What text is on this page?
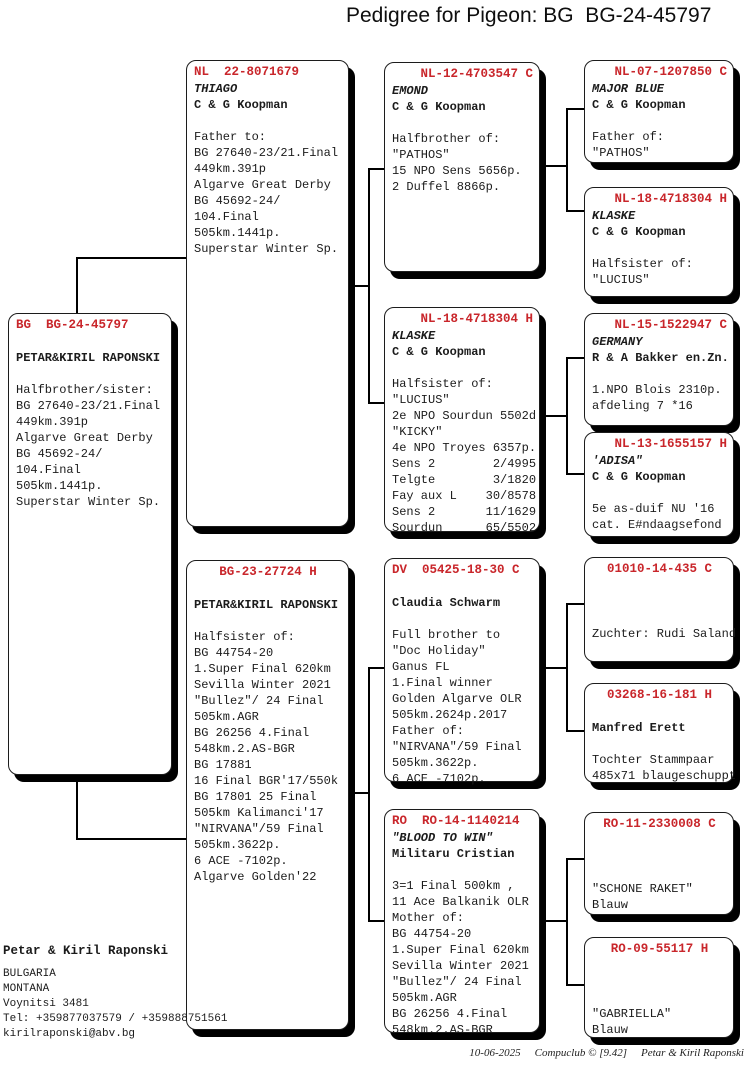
Pedigree for Pigeon: BG  BG-24-45797
BG  BG-24-45797

PETAR&KIRIL RAPONSKI

Halfbrother/sister:
BG 27640-23/21.Final
449km.391p
Algarve Great Derby
BG 45692-24/
104.Final
505km.1441p.
Superstar Winter Sp.
NL  22-8071679
THIAGO
C & G Koopman

Father to:
BG 27640-23/21.Final
449km.391p
Algarve Great Derby
BG 45692-24/
104.Final
505km.1441p.
Superstar Winter Sp.
BG-23-27724 H

PETAR&KIRIL RAPONSKI

Halfsister of:
BG 44754-20
1.Super Final 620km
Sevilla Winter 2021
"Bullez"/ 24 Final
505km.AGR
BG 26256 4.Final
548km.2.AS-BGR
BG 17881
16 Final BGR'17/550k
BG 17801 25 Final
505km Kalimanci'17
"NIRVANA"/59 Final
505km.3622p.
6 ACE -7102p.
Algarve Golden'22
NL-12-4703547 C
EMOND
C & G Koopman

Halfbrother of:
"PATHOS"
15 NPO Sens 5656p.
2 Duffel 8866p.
NL-18-4718304 H
KLASKE
C & G Koopman

Halfsister of:
"LUCIUS"
2e NPO Sourdun 5502d
"KICKY"
4e NPO Troyes 6357p.
Sens 2        2/4995
Telgte        3/1820
Fay aux L    30/8578
Sens 2       11/1629
Sourdun      65/5502
DV  05425-18-30 C

Claudia Schwarm

Full brother to
"Doc Holiday"
Ganus FL
1.Final winner
Golden Algarve OLR
505km.2624p.2017
Father of:
"NIRVANA"/59 Final
505km.3622p.
6 ACE -7102p.
RO  RO-14-1140214
"BLOOD TO WIN"
Militaru Cristian

3=1 Final 500km ,
11 Ace Balkanik OLR
Mother of:
BG 44754-20
1.Super Final 620km
Sevilla Winter 2021
"Bullez"/ 24 Final
505km.AGR
BG 26256 4.Final
548km.2.AS-BGR
NL-07-1207850 C
MAJOR BLUE
C & G Koopman

Father of:
"PATHOS"
NL-18-4718304 H
KLASKE
C & G Koopman

Halfsister of:
"LUCIUS"
NL-15-1522947 C
GERMANY
R & A Bakker en.Zn.

1.NPO Blois 2310p.
afdeling 7 *16
NL-13-1655157 H
'ADISA"
C & G Koopman

5e as-duif NU '16
cat. E#ndaagsefond
01010-14-435 C

Zuchter: Rudi Saland
03268-16-181 H

Manfred Erett

Tochter Stammpaar
485x71 blaugeschuppt
RO-11-2330008 C

"SCHONE RAKET"
Blauw
RO-09-55117 H

"GABRIELLA"
Blauw
Petar & Kiril Raponski
BULGARIA
MONTANA
Voynitsi 3481
Tel: +359877037579 / +359888751561
kirilraponski@abv.bg
10-06-2025 Compuclub © [9.42] Petar & Kiril Raponski
